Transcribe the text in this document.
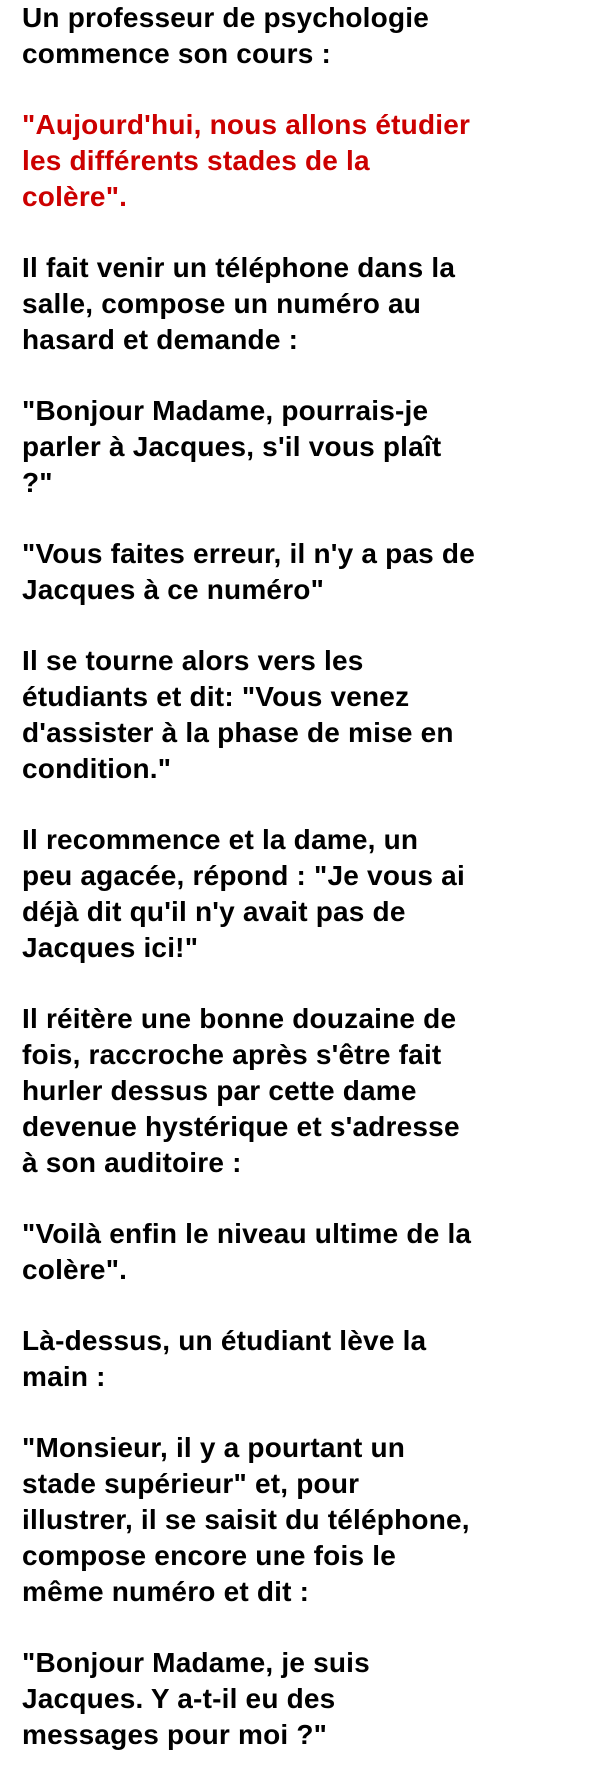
Un professeur de psychologie
commence son cours :

"Aujourd'hui, nous allons étudier
les différents stades de la
colère".

Il fait venir un téléphone dans la
salle, compose un numéro au
hasard et demande :

"Bonjour Madame, pourrais-je
parler à Jacques, s'il vous plaît
?"

"Vous faites erreur, il n'y a pas de
Jacques à ce numéro"

Il se tourne alors vers les
étudiants et dit: "Vous venez
d'assister à la phase de mise en
condition."

Il recommence et la dame, un
peu agacée, répond : "Je vous ai
déjà dit qu'il n'y avait pas de
Jacques ici!"

Il réitère une bonne douzaine de
fois, raccroche après s'être fait
hurler dessus par cette dame
devenue hystérique et s'adresse
à son auditoire :

"Voilà enfin le niveau ultime de la
colère".

Là-dessus, un étudiant lève la
main :

"Monsieur, il y a pourtant un
stade supérieur" et, pour
illustrer, il se saisit du téléphone,
compose encore une fois le
même numéro et dit :

"Bonjour Madame, je suis
Jacques. Y a-t-il eu des
messages pour moi ?"
